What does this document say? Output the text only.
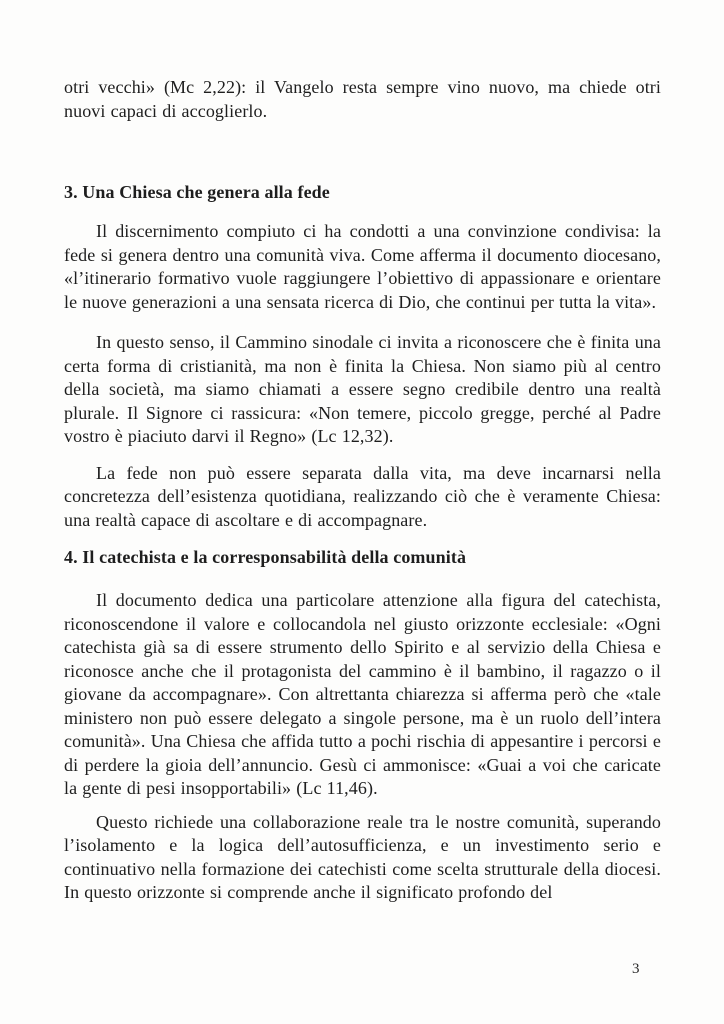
otri vecchi» (Mc 2,22): il Vangelo resta sempre vino nuovo, ma chiede otri nuovi capaci di accoglierlo.

3. Una Chiesa che genera alla fede

Il discernimento compiuto ci ha condotti a una convinzione condivisa: la fede si genera dentro una comunità viva. Come afferma il documento diocesano, «l’itinerario formativo vuole raggiungere l’obiettivo di appassionare e orientare le nuove generazioni a una sensata ricerca di Dio, che continui per tutta la vita».

In questo senso, il Cammino sinodale ci invita a riconoscere che è finita una certa forma di cristianità, ma non è finita la Chiesa. Non siamo più al centro della società, ma siamo chiamati a essere segno credibile dentro una realtà plurale. Il Signore ci rassicura: «Non temere, piccolo gregge, perché al Padre vostro è piaciuto darvi il Regno» (Lc 12,32).

La fede non può essere separata dalla vita, ma deve incarnarsi nella concretezza dell’esistenza quotidiana, realizzando ciò che è veramente Chiesa: una realtà capace di ascoltare e di accompagnare.

4. Il catechista e la corresponsabilità della comunità

Il documento dedica una particolare attenzione alla figura del catechista, riconoscendone il valore e collocandola nel giusto orizzonte ecclesiale: «Ogni catechista già sa di essere strumento dello Spirito e al servizio della Chiesa e riconosce anche che il protagonista del cammino è il bambino, il ragazzo o il giovane da accompagnare». Con altrettanta chiarezza si afferma però che «tale ministero non può essere delegato a singole persone, ma è un ruolo dell’intera comunità». Una Chiesa che affida tutto a pochi rischia di appesantire i percorsi e di perdere la gioia dell’annuncio. Gesù ci ammonisce: «Guai a voi che caricate la gente di pesi insopportabili» (Lc 11,46).

Questo richiede una collaborazione reale tra le nostre comunità, superando l’isolamento e la logica dell’autosufficienza, e un investimento serio e continuativo nella formazione dei catechisti come scelta strutturale della diocesi. In questo orizzonte si comprende anche il significato profondo del

3
